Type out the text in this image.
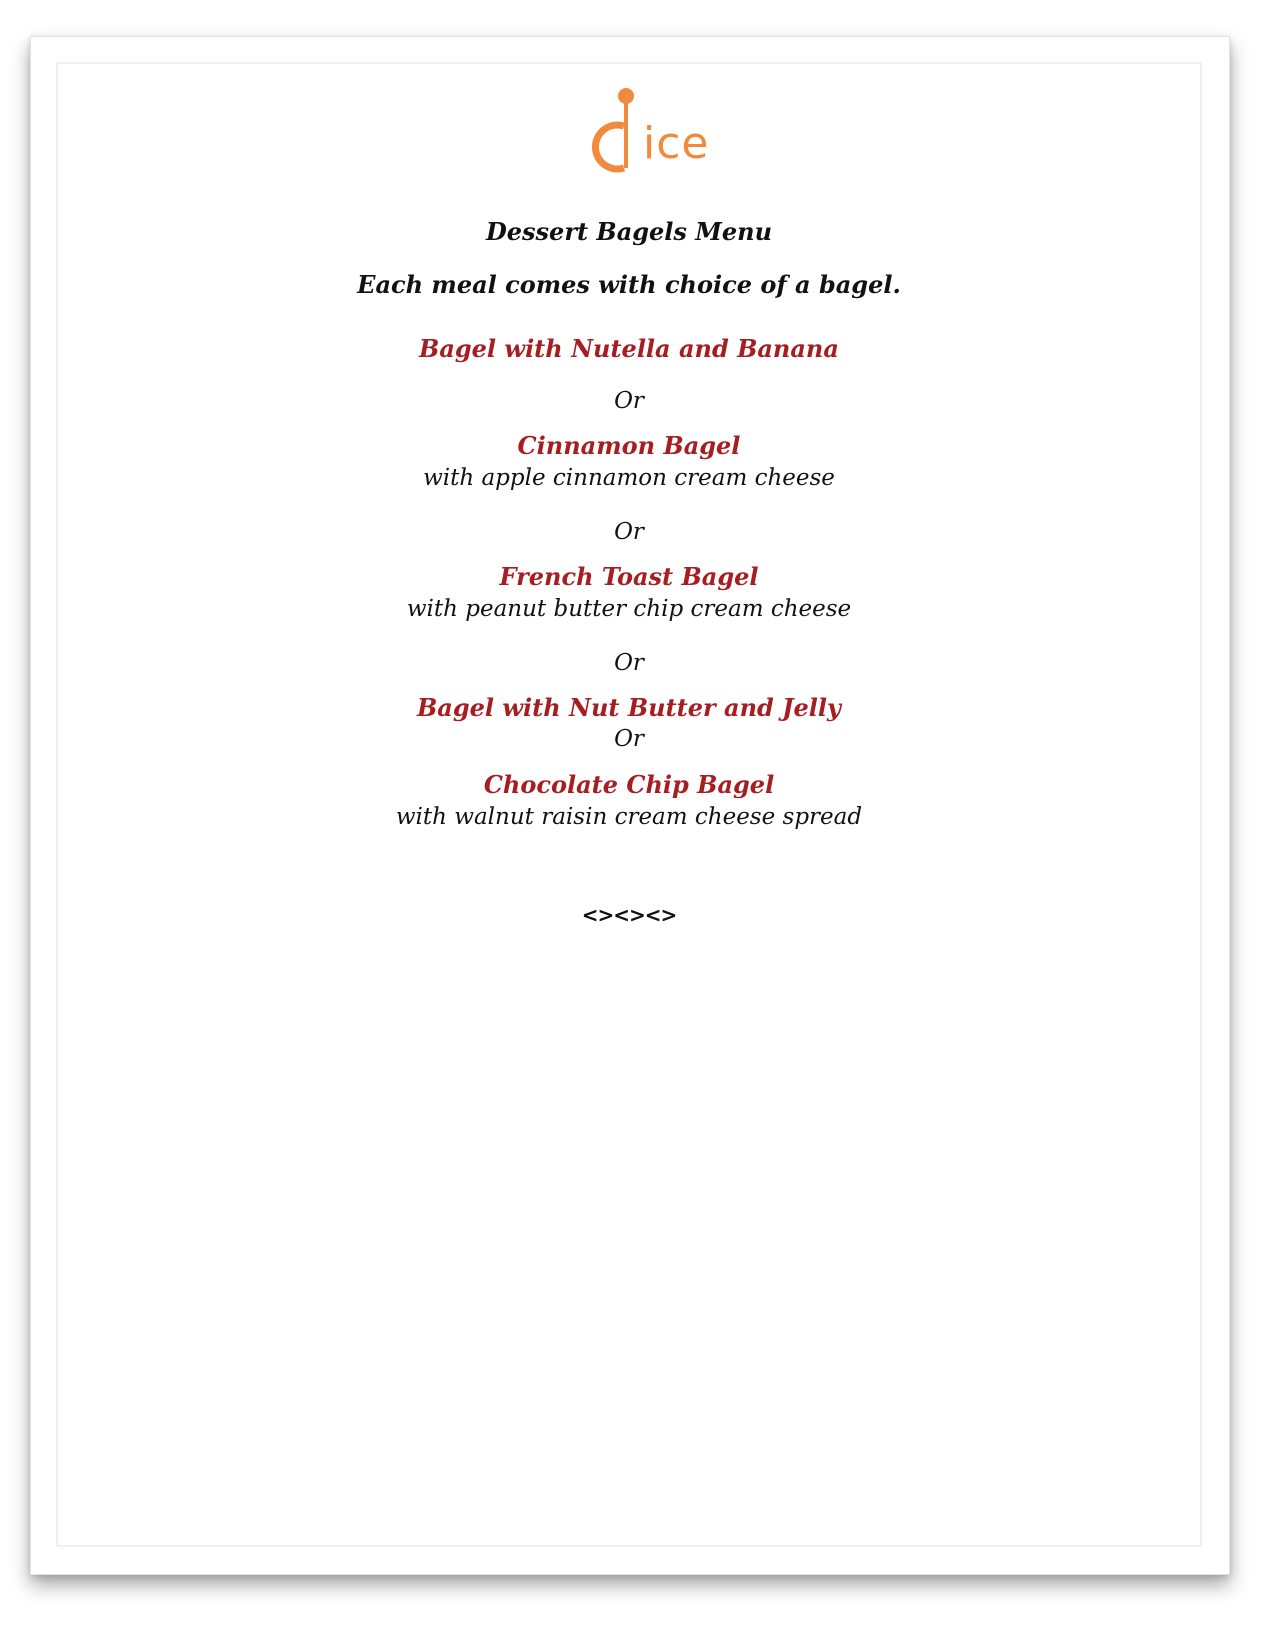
ice
Dessert Bagels Menu
Each meal comes with choice of a bagel.
Bagel with Nutella and Banana
Or
Cinnamon Bagel
with apple cinnamon cream cheese
Or
French Toast Bagel
with peanut butter chip cream cheese
Or
Bagel with Nut Butter and Jelly
Or
Chocolate Chip Bagel
with walnut raisin cream cheese spread
<><><>
